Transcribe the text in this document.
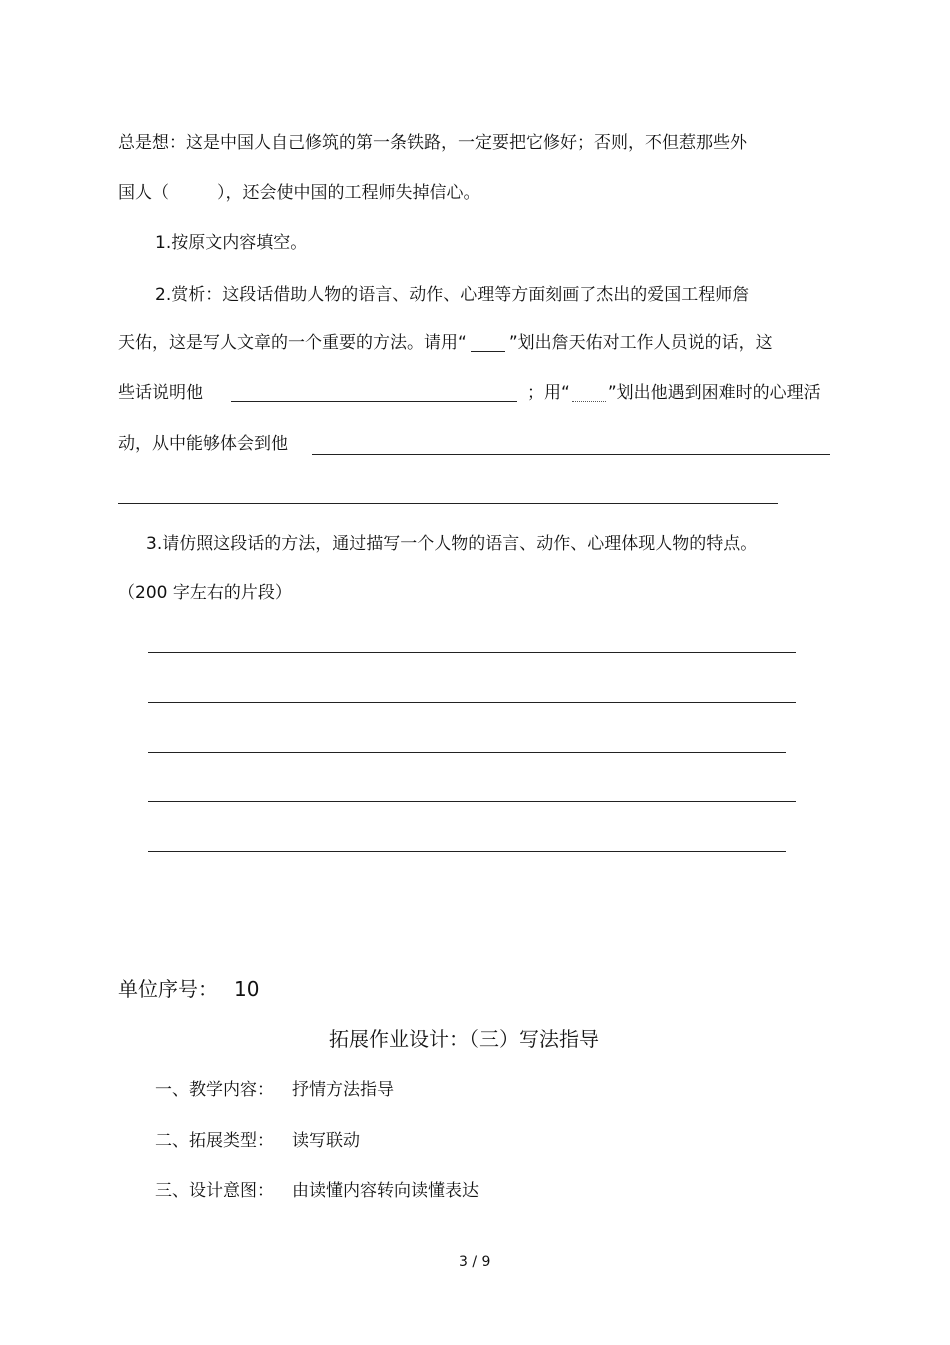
总是想：这是中国人自己修筑的第一条铁路，一定要把它修好；否则，不但惹那些外
国人（	），还会使中国的工程师失掉信心。
1.按原文内容填空。
2.赏析：这段话借助人物的语言、动作、心理等方面刻画了杰出的爱国工程师詹
天佑，这是写人文章的一个重要的方法。请用“ ”划出詹天佑对工作人员说的话，这
些话说明他	；用“ ”划出他遇到困难时的心理活
动，从中能够体会到他
3.请仿照这段话的方法，通过描写一个人物的语言、动作、心理体现人物的特点。
（200 字左右的片段）
单位序号： 10
拓展作业设计：（三）写法指导
一、教学内容： 抒情方法指导
二、拓展类型： 读写联动
三、设计意图： 由读懂内容转向读懂表达
3 / 9
